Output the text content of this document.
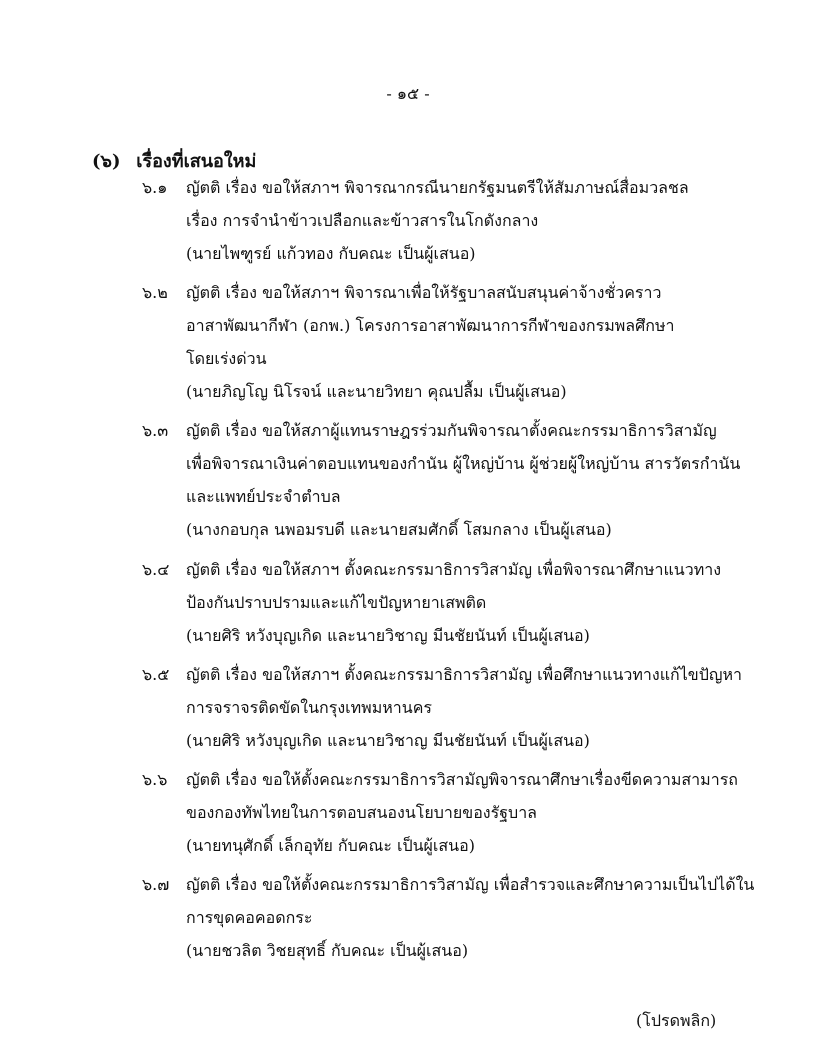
- ๑๕ -
(๖) เรื่องที่เสนอใหม่
๖.๑ ญัตติ เรื่อง ขอให้สภาฯ พิจารณากรณีนายกรัฐมนตรีให้สัมภาษณ์สื่อมวลชล
เรื่อง การจำนำข้าวเปลือกและข้าวสารในโกดังกลาง
(นายไพฑูรย์ แก้วทอง กับคณะ เป็นผู้เสนอ)
๖.๒ ญัตติ เรื่อง ขอให้สภาฯ พิจารณาเพื่อให้รัฐบาลสนับสนุนค่าจ้างชั่วคราว
อาสาพัฒนากีฬา (อกพ.) โครงการอาสาพัฒนาการกีฬาของกรมพลศึกษา
โดยเร่งด่วน
(นายภิญโญ นิโรจน์ และนายวิทยา คุณปลื้ม เป็นผู้เสนอ)
๖.๓ ญัตติ เรื่อง ขอให้สภาผู้แทนราษฎรร่วมกันพิจารณาตั้งคณะกรรมาธิการวิสามัญ
เพื่อพิจารณาเงินค่าตอบแทนของกำนัน ผู้ใหญ่บ้าน ผู้ช่วยผู้ใหญ่บ้าน สารวัตรกำนัน
และแพทย์ประจำตำบล
(นางกอบกุล นพอมรบดี และนายสมศักดิ์ โสมกลาง เป็นผู้เสนอ)
๖.๔ ญัตติ เรื่อง ขอให้สภาฯ ตั้งคณะกรรมาธิการวิสามัญ เพื่อพิจารณาศึกษาแนวทาง
ป้องกันปราบปรามและแก้ไขปัญหายาเสพติด
(นายศิริ หวังบุญเกิด และนายวิชาญ มีนชัยนันท์ เป็นผู้เสนอ)
๖.๕ ญัตติ เรื่อง ขอให้สภาฯ ตั้งคณะกรรมาธิการวิสามัญ เพื่อศึกษาแนวทางแก้ไขปัญหา
การจราจรติดขัดในกรุงเทพมหานคร
(นายศิริ หวังบุญเกิด และนายวิชาญ มีนชัยนันท์ เป็นผู้เสนอ)
๖.๖ ญัตติ เรื่อง ขอให้ตั้งคณะกรรมาธิการวิสามัญพิจารณาศึกษาเรื่องขีดความสามารถ
ของกองทัพไทยในการตอบสนองนโยบายของรัฐบาล
(นายทนุศักดิ์ เล็กอุทัย กับคณะ เป็นผู้เสนอ)
๖.๗ ญัตติ เรื่อง ขอให้ตั้งคณะกรรมาธิการวิสามัญ เพื่อสำรวจและศึกษาความเป็นไปได้ใน
การขุดคอคอดกระ
(นายชวลิต วิชยสุทธิ์ กับคณะ เป็นผู้เสนอ)
(โปรดพลิก)
